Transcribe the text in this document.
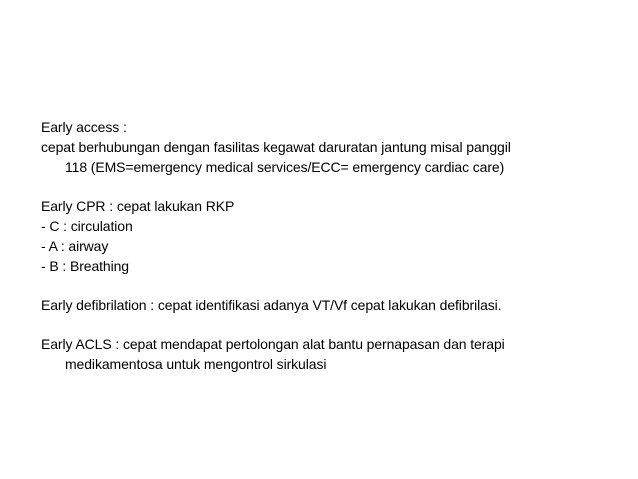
Early access :
cepat berhubungan dengan fasilitas kegawat daruratan jantung misal panggil
118 (EMS=emergency medical services/ECC= emergency cardiac care)
Early CPR : cepat lakukan RKP
- C : circulation
- A : airway
- B : Breathing
Early defibrilation : cepat identifikasi adanya VT/Vf cepat lakukan defibrilasi.
Early ACLS : cepat mendapat pertolongan alat bantu pernapasan dan terapi
medikamentosa untuk mengontrol sirkulasi
